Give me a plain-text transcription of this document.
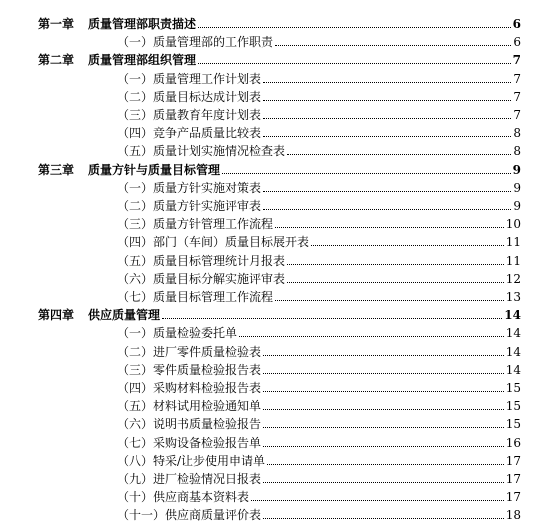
第一章 质量管理部职责描述	6
（一）质量管理部的工作职责	6
第二章 质量管理部组织管理	7
（一）质量管理工作计划表	7
（二）质量目标达成计划表	7
（三）质量教育年度计划表	7
（四）竞争产品质量比较表	8
（五）质量计划实施情况检查表	8
第三章 质量方针与质量目标管理	9
（一）质量方针实施对策表	9
（二）质量方针实施评审表	9
（三）质量方针管理工作流程	10
（四）部门（车间）质量目标展开表	11
（五）质量目标管理统计月报表	11
（六）质量目标分解实施评审表	12
（七）质量目标管理工作流程	13
第四章 供应质量管理	14
（一）质量检验委托单	14
（二）进厂零件质量检验表	14
（三）零件质量检验报告表	14
（四）采购材料检验报告表	15
（五）材料试用检验通知单	15
（六）说明书质量检验报告	15
（七）采购设备检验报告单	16
（八）特采/让步使用申请单	17
（九）进厂检验情况日报表	17
（十）供应商基本资料表	17
（十一）供应商质量评价表	18
